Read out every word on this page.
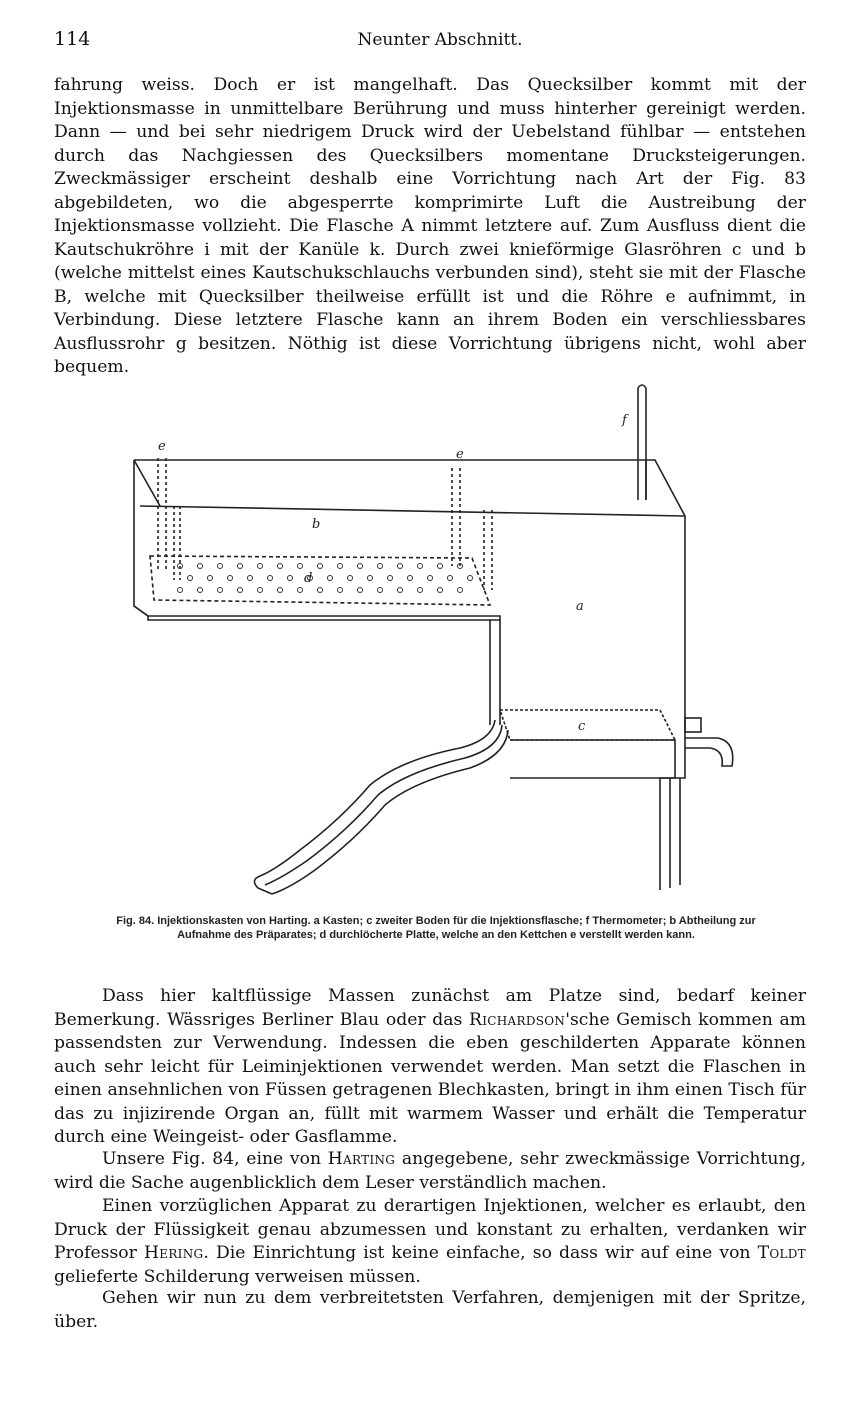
114	Neunter Abschnitt.

fahrung weiss. Doch er ist mangelhaft. Das Quecksilber kommt mit der Injektionsmasse in unmittelbare Berührung und muss hinterher gereinigt werden. Dann — und bei sehr niedrigem Druck wird der Uebelstand fühlbar — entstehen durch das Nachgiessen des Quecksilbers momentane Drucksteigerungen. Zweckmässiger erscheint deshalb eine Vorrichtung nach Art der Fig. 83 abgebildeten, wo die abgesperrte komprimirte Luft die Austreibung der Injektionsmasse vollzieht. Die Flasche A nimmt letztere auf. Zum Ausfluss dient die Kautschukröhre i mit der Kanüle k. Durch zwei knieförmige Glasröhren c und b (welche mittelst eines Kautschukschlauchs verbunden sind), steht sie mit der Flasche B, welche mit Quecksilber theilweise erfüllt ist und die Röhre e aufnimmt, in Verbindung. Diese letztere Flasche kann an ihrem Boden ein verschliessbares Ausflussrohr g besitzen. Nöthig ist diese Vorrichtung übrigens nicht, wohl aber bequem.

f
e
e
b
d
a
c
Fig. 84. Injektionskasten von Harting. a Kasten; c zweiter Boden für die Injektionsflasche; f Thermometer; b Abtheilung zur Aufnahme des Präparates; d durchlöcherte Platte, welche an den Kettchen e verstellt werden kann.

Dass hier kaltflüssige Massen zunächst am Platze sind, bedarf keiner Bemerkung. Wässriges Berliner Blau oder das Richardson'sche Gemisch kommen am passendsten zur Verwendung. Indessen die eben geschilderten Apparate können auch sehr leicht für Leiminjektionen verwendet werden. Man setzt die Flaschen in einen ansehnlichen von Füssen getragenen Blechkasten, bringt in ihm einen Tisch für das zu injizirende Organ an, füllt mit warmem Wasser und erhält die Temperatur durch eine Weingeist- oder Gasflamme.

Unsere Fig. 84, eine von Harting angegebene, sehr zweckmässige Vorrichtung, wird die Sache augenblicklich dem Leser verständlich machen.

Einen vorzüglichen Apparat zu derartigen Injektionen, welcher es erlaubt, den Druck der Flüssigkeit genau abzumessen und konstant zu erhalten, verdanken wir Professor Hering. Die Einrichtung ist keine einfache, so dass wir auf eine von Toldt gelieferte Schilderung verweisen müssen.

Gehen wir nun zu dem verbreitetsten Verfahren, demjenigen mit der Spritze, über.
